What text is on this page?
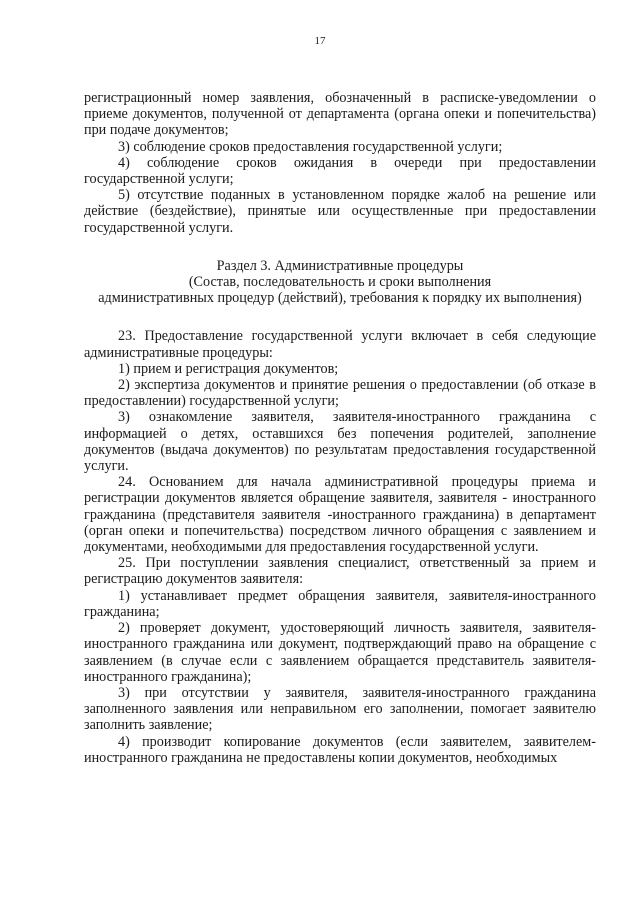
17

регистрационный номер заявления, обозначенный в расписке-уведомлении о приеме документов, полученной от департамента (органа опеки и попечительства) при подаче документов;

3) соблюдение сроков предоставления государственной услуги;

4) соблюдение сроков ожидания в очереди при предоставлении государственной услуги;

5) отсутствие поданных в установленном порядке жалоб на решение или действие (бездействие), принятые или осуществленные при предоставлении государственной услуги.

Раздел 3. Административные процедуры

(Состав, последовательность и сроки выполнения

административных процедур (действий), требования к порядку их выполнения)

23. Предоставление государственной услуги включает в себя следующие административные процедуры:

1) прием и регистрация документов;

2) экспертиза документов и принятие решения о предоставлении (об отказе в предоставлении) государственной услуги;

3) ознакомление заявителя, заявителя-иностранного гражданина с информацией о детях, оставшихся без попечения родителей, заполнение документов (выдача документов) по результатам предоставления государственной услуги.

24. Основанием для начала административной процедуры приема и регистрации документов является обращение заявителя, заявителя - иностранного гражданина (представителя заявителя -иностранного гражданина) в департамент (орган опеки и попечительства) посредством личного обращения с заявлением и документами, необходимыми для предоставления государственной услуги.

25. При поступлении заявления специалист, ответственный за прием и регистрацию документов заявителя:

1) устанавливает предмет обращения заявителя, заявителя-иностранного гражданина;

2) проверяет документ, удостоверяющий личность заявителя, заявителя-иностранного гражданина или документ, подтверждающий право на обращение с заявлением (в случае если с заявлением обращается представитель заявителя-иностранного гражданина);

3) при отсутствии у заявителя, заявителя-иностранного гражданина заполненного заявления или неправильном его заполнении, помогает заявителю заполнить заявление;

4) производит копирование документов (если заявителем, заявителем-иностранного гражданина не предоставлены копии документов, необходимых
